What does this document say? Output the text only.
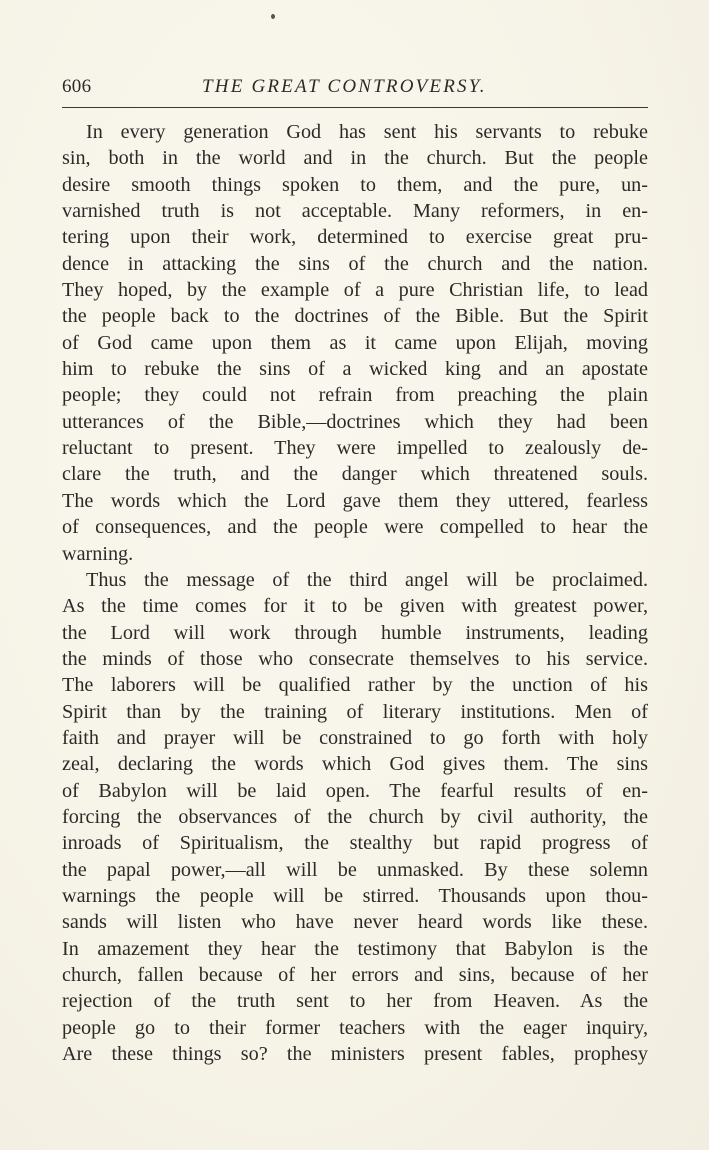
606	THE GREAT CONTROVERSY.
In every generation God has sent his servants to rebuke
sin, both in the world and in the church. But the people
desire smooth things spoken to them, and the pure, un-
varnished truth is not acceptable. Many reformers, in en-
tering upon their work, determined to exercise great pru-
dence in attacking the sins of the church and the nation.
They hoped, by the example of a pure Christian life, to lead
the people back to the doctrines of the Bible. But the Spirit
of God came upon them as it came upon Elijah, moving
him to rebuke the sins of a wicked king and an apostate
people; they could not refrain from preaching the plain
utterances of the Bible,—doctrines which they had been
reluctant to present. They were impelled to zealously de-
clare the truth, and the danger which threatened souls.
The words which the Lord gave them they uttered, fearless
of consequences, and the people were compelled to hear the
warning.
Thus the message of the third angel will be proclaimed.
As the time comes for it to be given with greatest power,
the Lord will work through humble instruments, leading
the minds of those who consecrate themselves to his service.
The laborers will be qualified rather by the unction of his
Spirit than by the training of literary institutions. Men of
faith and prayer will be constrained to go forth with holy
zeal, declaring the words which God gives them. The sins
of Babylon will be laid open. The fearful results of en-
forcing the observances of the church by civil authority, the
inroads of Spiritualism, the stealthy but rapid progress of
the papal power,—all will be unmasked. By these solemn
warnings the people will be stirred. Thousands upon thou-
sands will listen who have never heard words like these.
In amazement they hear the testimony that Babylon is the
church, fallen because of her errors and sins, because of her
rejection of the truth sent to her from Heaven. As the
people go to their former teachers with the eager inquiry,
Are these things so? the ministers present fables, prophesy
